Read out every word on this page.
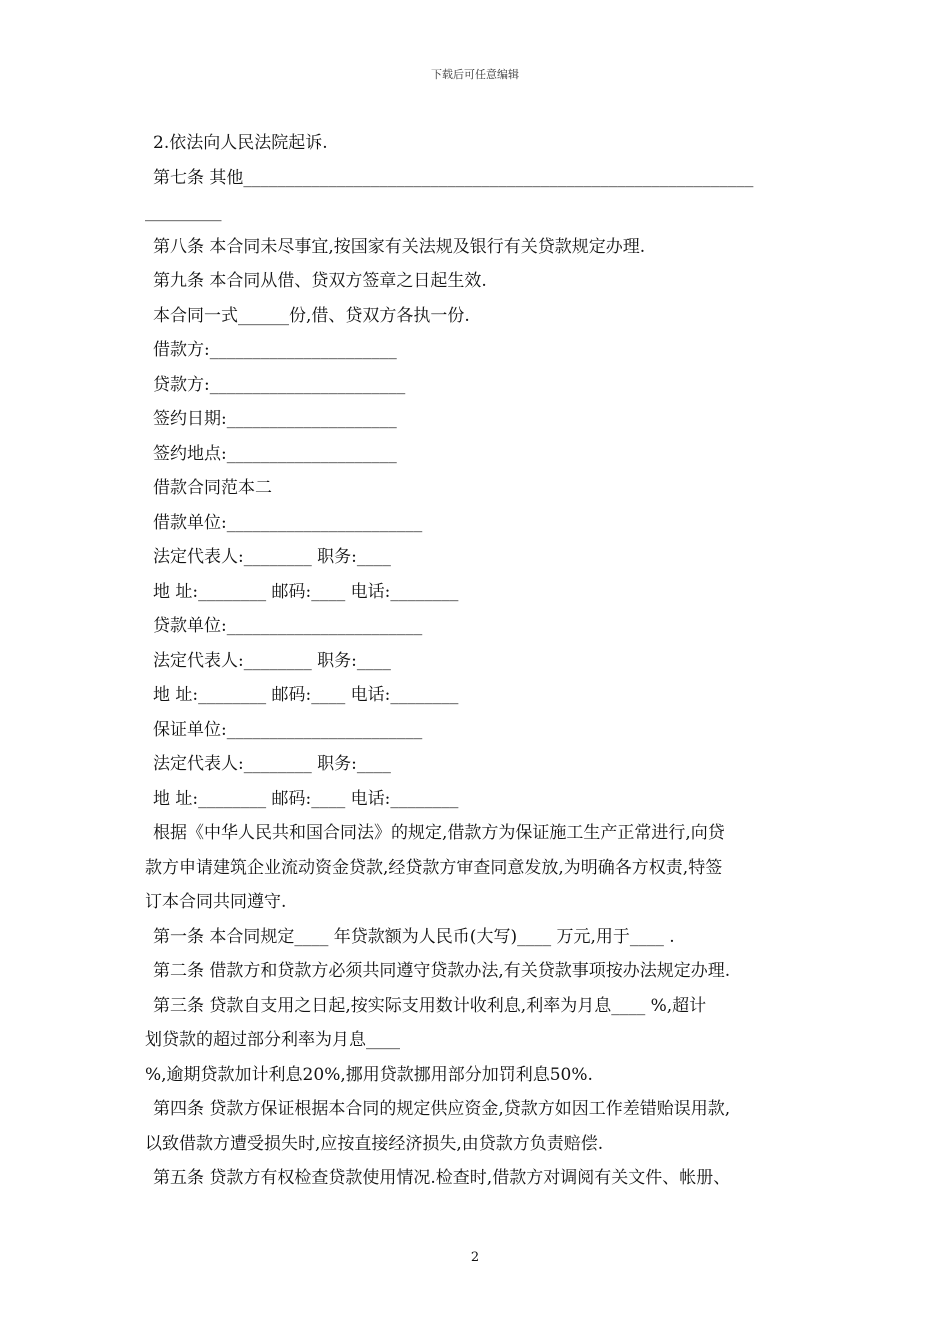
下载后可任意编辑
2.依法向人民法院起诉.
第七条 其他____________________________________________________________
_________
第八条 本合同未尽事宜,按国家有关法规及银行有关贷款规定办理.
第九条 本合同从借、贷双方签章之日起生效.
本合同一式______份,借、贷双方各执一份.
借款方:______________________
贷款方:_______________________
签约日期:____________________
签约地点:____________________
借款合同范本二
借款单位:_______________________
法定代表人:________ 职务:____
地 址:________ 邮码:____ 电话:________
贷款单位:_______________________
法定代表人:________ 职务:____
地 址:________ 邮码:____ 电话:________
保证单位:_______________________
法定代表人:________ 职务:____
地 址:________ 邮码:____ 电话:________
根据《中华人民共和国合同法》的规定,借款方为保证施工生产正常进行,向贷
款方申请建筑企业流动资金贷款,经贷款方审查同意发放,为明确各方权责,特签
订本合同共同遵守.
第一条 本合同规定____ 年贷款额为人民币(大写)____ 万元,用于____ .
第二条 借款方和贷款方必须共同遵守贷款办法,有关贷款事项按办法规定办理.
第三条 贷款自支用之日起,按实际支用数计收利息,利率为月息____ %,超计
划贷款的超过部分利率为月息____
%,逾期贷款加计利息20%,挪用贷款挪用部分加罚利息50%.
第四条 贷款方保证根据本合同的规定供应资金,贷款方如因工作差错贻误用款,
以致借款方遭受损失时,应按直接经济损失,由贷款方负责赔偿.
第五条 贷款方有权检查贷款使用情况.检查时,借款方对调阅有关文件、帐册、
2
